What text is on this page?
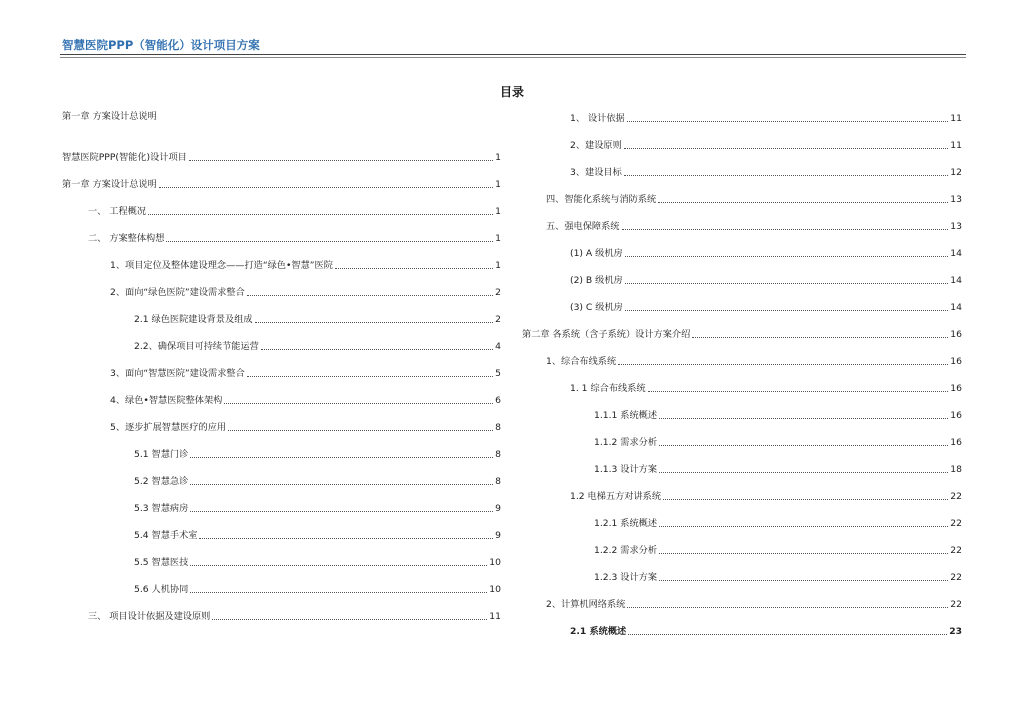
智慧医院PPP（智能化）设计项目方案
目录
第一章 方案设计总说明
智慧医院PPP(智能化)设计项目	1
第一章 方案设计总说明	1
一、 工程概况	1
二、 方案整体构想	1
1、项目定位及整体建设理念——打造“绿色•智慧”医院	1
2、面向“绿色医院”建设需求整合	2
2.1 绿色医院建设背景及组成	2
2.2、确保项目可持续节能运营	4
3、面向“智慧医院”建设需求整合	5
4、绿色•智慧医院整体架构	6
5、逐步扩展智慧医疗的应用	8
5.1 智慧门诊	8
5.2 智慧急诊	8
5.3 智慧病房	9
5.4 智慧手术室	9
5.5 智慧医技	10
5.6 人机协同	10
三、 项目设计依据及建设原则	11
1、 设计依据	11
2、建设原则	11
3、建设目标	12
四、智能化系统与消防系统	13
五、强电保障系统	13
(1) A 级机房	14
(2) B 级机房	14
(3) C 级机房	14
第二章 各系统（含子系统）设计方案介绍	16
1、综合布线系统	16
1. 1 综合布线系统	16
1.1.1 系统概述	16
1.1.2 需求分析	16
1.1.3 设计方案	18
1.2 电梯五方对讲系统	22
1.2.1 系统概述	22
1.2.2 需求分析	22
1.2.3 设计方案	22
2、计算机网络系统	22
2.1 系统概述	23
